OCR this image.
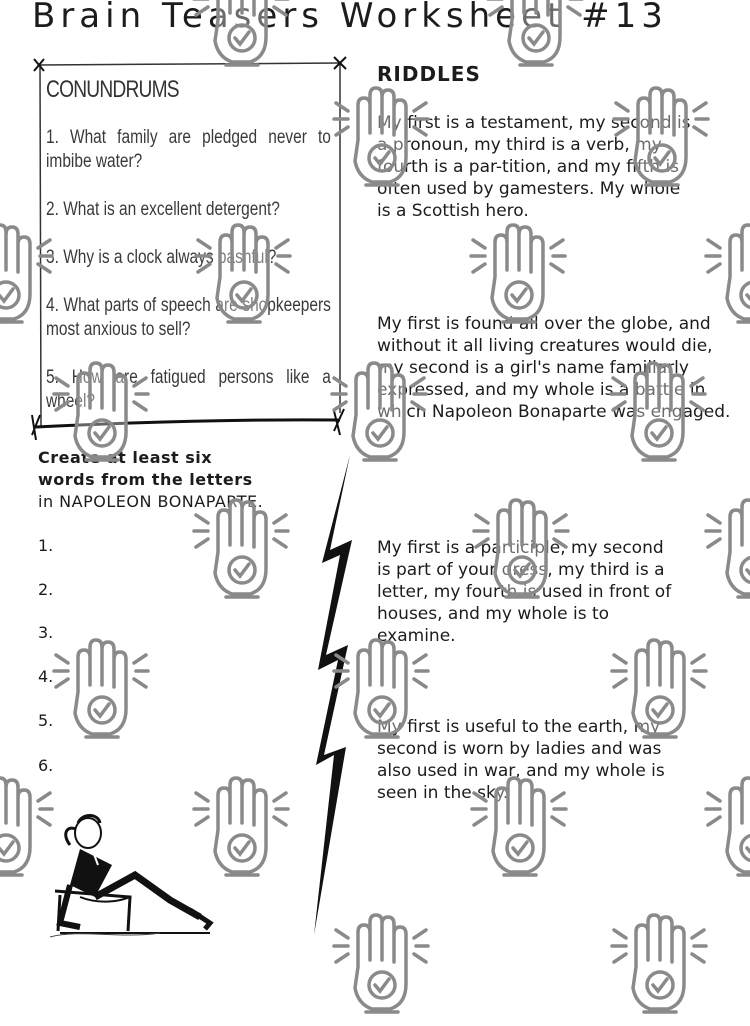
Brain Teasers Worksheet #13
CONUNDRUMS
1. What family are pledged never to imbibe water?
2. What is an excellent detergent?
3. Why is a clock always bashful?
4. What parts of speech are shopkeepers most anxious to sell?
5. How are fatigued persons like a wheel?
RIDDLES

My first is a testament, my second is a pronoun, my third is a verb, my fourth is a par-tition, and my fifth is often used by gamesters. My whole is a Scottish hero.

My first is found all over the globe, and without it all living creatures would die, my second is a girl's name familiarly expressed, and my whole is a battle in which Napoleon Bonaparte was engaged.

My first is a participle, my second is part of your dress, my third is a letter, my fourth is used in front of houses, and my whole is to examine.

My first is useful to the earth, my second is worn by ladies and was also used in war, and my whole is seen in the sky.

Create at least six
words from the letters
in NAPOLEON BONAPARTE.

1.
2.
3.
4.
5.
6.
